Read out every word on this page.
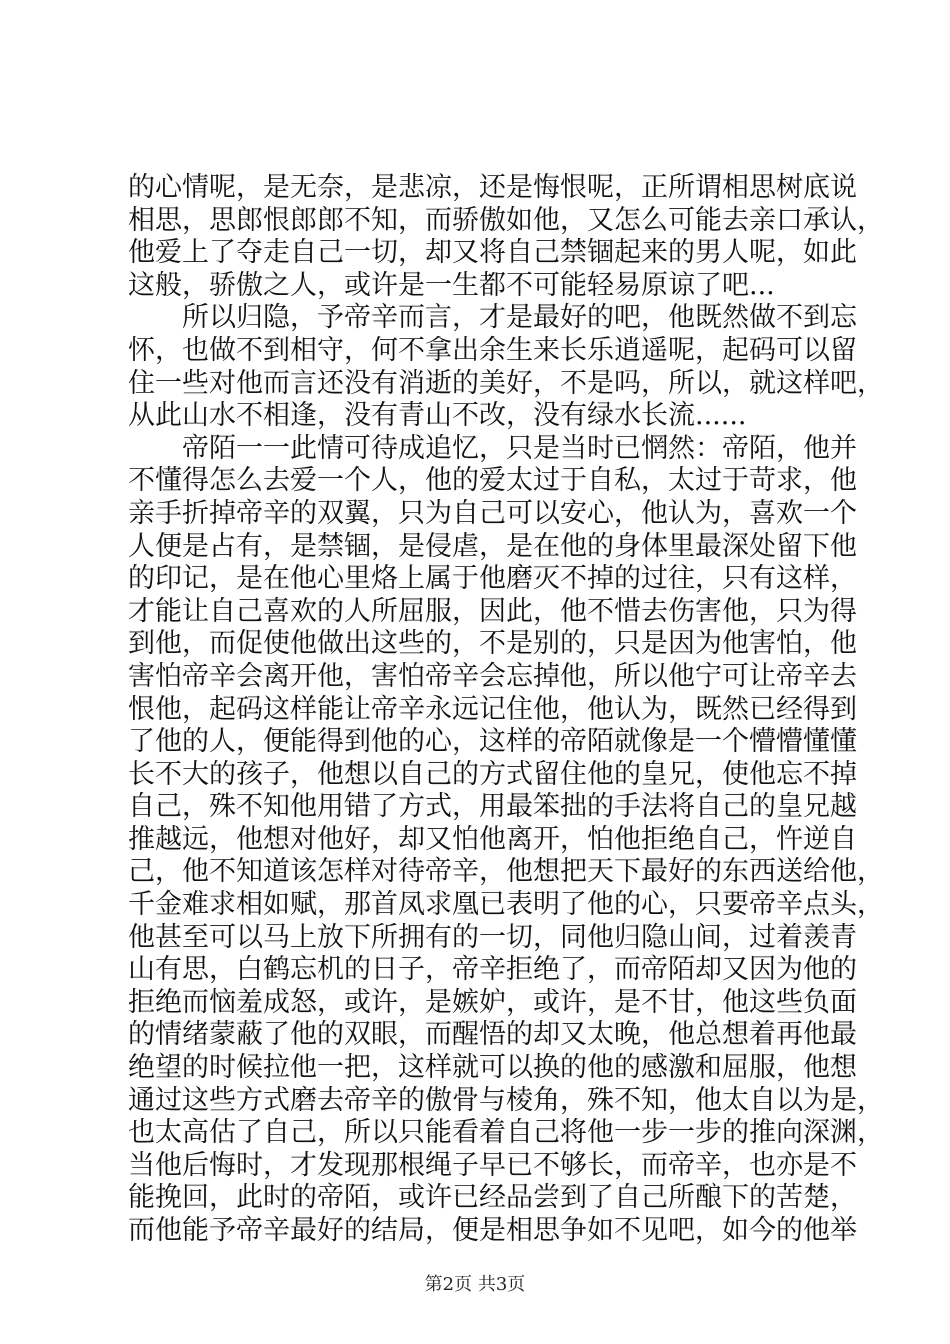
的心情呢，是无奈，是悲凉，还是悔恨呢，正所谓相思树底说
相思，思郎恨郎郎不知，而骄傲如他，又怎么可能去亲口承认，
他爱上了夺走自己一切，却又将自己禁锢起来的男人呢，如此
这般，骄傲之人，或许是一生都不可能轻易原谅了吧...
所以归隐，予帝辛而言，才是最好的吧，他既然做不到忘
怀，也做不到相守，何不拿出余生来长乐逍遥呢，起码可以留
住一些对他而言还没有消逝的美好，不是吗，所以，就这样吧，
从此山水不相逢，没有青山不改，没有绿水长流......
帝陌一一此情可待成追忆，只是当时已惘然：帝陌，他并
不懂得怎么去爱一个人，他的爱太过于自私，太过于苛求，他
亲手折掉帝辛的双翼，只为自己可以安心，他认为，喜欢一个
人便是占有，是禁锢，是侵虐，是在他的身体里最深处留下他
的印记，是在他心里烙上属于他磨灭不掉的过往，只有这样，
才能让自己喜欢的人所屈服，因此，他不惜去伤害他，只为得
到他，而促使他做出这些的，不是别的，只是因为他害怕，他
害怕帝辛会离开他，害怕帝辛会忘掉他，所以他宁可让帝辛去
恨他，起码这样能让帝辛永远记住他，他认为，既然已经得到
了他的人，便能得到他的心，这样的帝陌就像是一个懵懵懂懂
长不大的孩子，他想以自己的方式留住他的皇兄，使他忘不掉
自己，殊不知他用错了方式，用最笨拙的手法将自己的皇兄越
推越远，他想对他好，却又怕他离开，怕他拒绝自己，忤逆自
己，他不知道该怎样对待帝辛，他想把天下最好的东西送给他，
千金难求相如赋，那首凤求凰已表明了他的心，只要帝辛点头，
他甚至可以马上放下所拥有的一切，同他归隐山间，过着羡青
山有思，白鹤忘机的日子，帝辛拒绝了，而帝陌却又因为他的
拒绝而恼羞成怒，或许，是嫉妒，或许，是不甘，他这些负面
的情绪蒙蔽了他的双眼，而醒悟的却又太晚，他总想着再他最
绝望的时候拉他一把，这样就可以换的他的感激和屈服，他想
通过这些方式磨去帝辛的傲骨与棱角，殊不知，他太自以为是，
也太高估了自己，所以只能看着自己将他一步一步的推向深渊，
当他后悔时，才发现那根绳子早已不够长，而帝辛，也亦是不
能挽回，此时的帝陌，或许已经品尝到了自己所酿下的苦楚，
而他能予帝辛最好的结局，便是相思争如不见吧，如今的他举
第2页 共3页
